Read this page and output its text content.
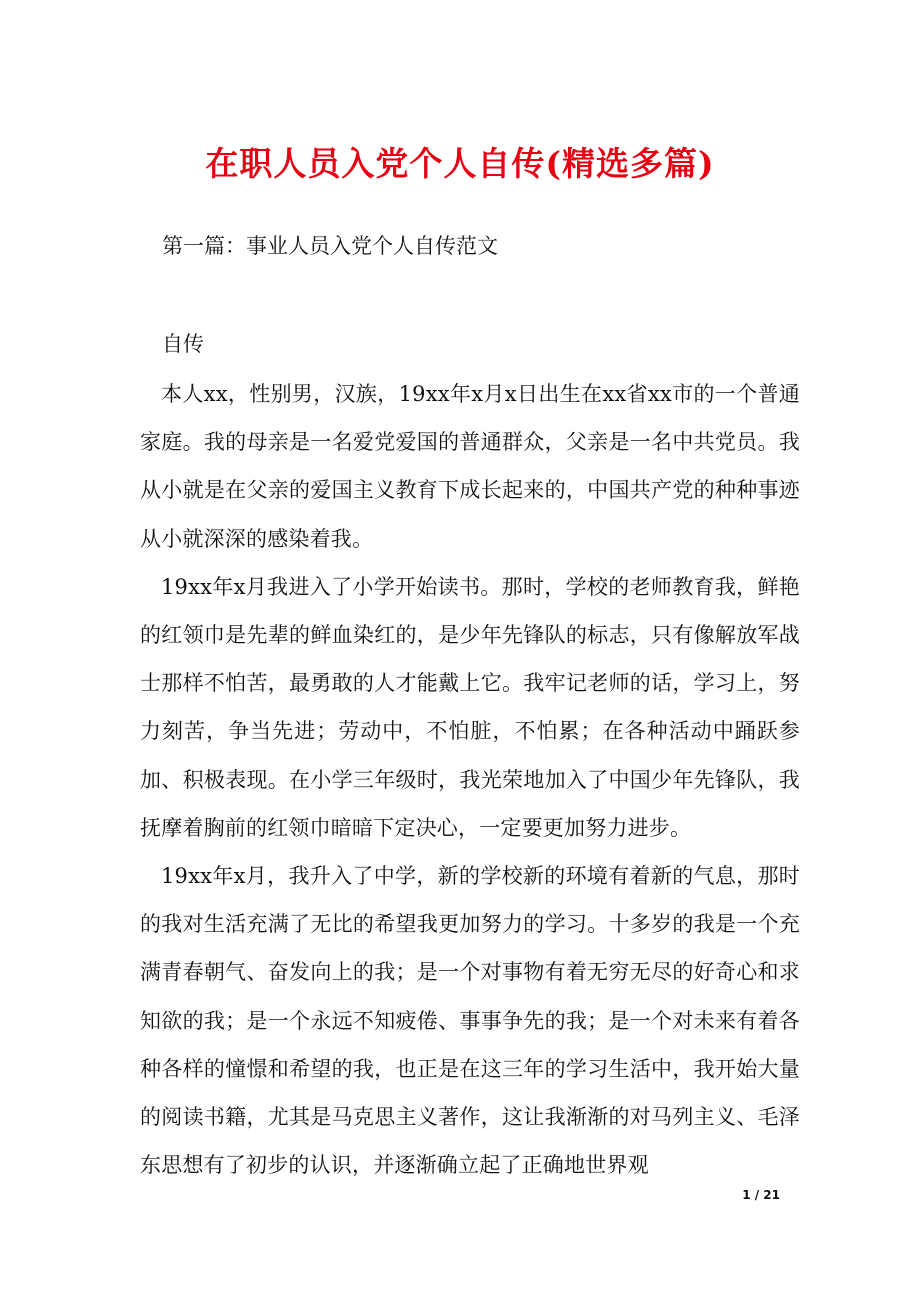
在职人员入党个人自传(精选多篇)
第一篇：事业人员入党个人自传范文
自传

本人xx，性别男，汉族，19xx年x月x日出生在xx省xx市的一个普通家庭。我的母亲是一名爱党爱国的普通群众，父亲是一名中共党员。我从小就是在父亲的爱国主义教育下成长起来的，中国共产党的种种事迹从小就深深的感染着我。

19xx年x月我进入了小学开始读书。那时，学校的老师教育我，鲜艳的红领巾是先辈的鲜血染红的，是少年先锋队的标志，只有像解放军战士那样不怕苦，最勇敢的人才能戴上它。我牢记老师的话，学习上，努力刻苦，争当先进；劳动中，不怕脏，不怕累；在各种活动中踊跃参加、积极表现。在小学三年级时，我光荣地加入了中国少年先锋队，我抚摩着胸前的红领巾暗暗下定决心，一定要更加努力进步。

19xx年x月，我升入了中学，新的学校新的环境有着新的气息，那时的我对生活充满了无比的希望我更加努力的学习。十多岁的我是一个充满青春朝气、奋发向上的我；是一个对事物有着无穷无尽的好奇心和求知欲的我；是一个永远不知疲倦、事事争先的我；是一个对未来有着各种各样的憧憬和希望的我，也正是在这三年的学习生活中，我开始大量的阅读书籍，尤其是马克思主义著作，这让我渐渐的对马列主义、毛泽东思想有了初步的认识，并逐渐确立起了正确地世界观

1 / 21
